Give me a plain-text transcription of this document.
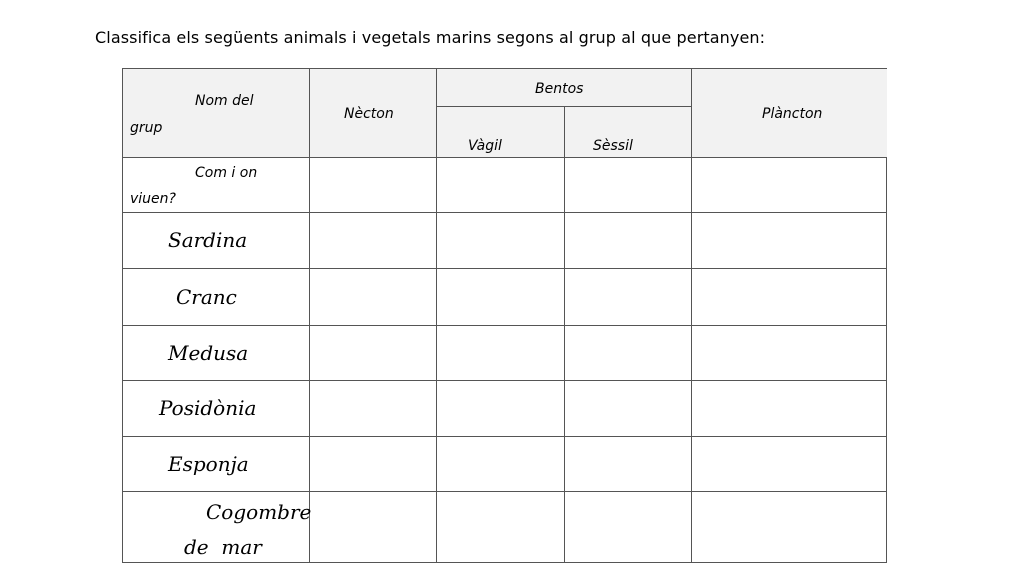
Classifica els següents animals i vegetals marins segons al grup al que pertanyen:
Nom del
grup
Nècton
Bentos
Vàgil	Sèssil
Plàncton
Com i on
viuen?
Sardina
Cranc
Medusa
Posidònia
Esponja
Cogombre
de  mar
